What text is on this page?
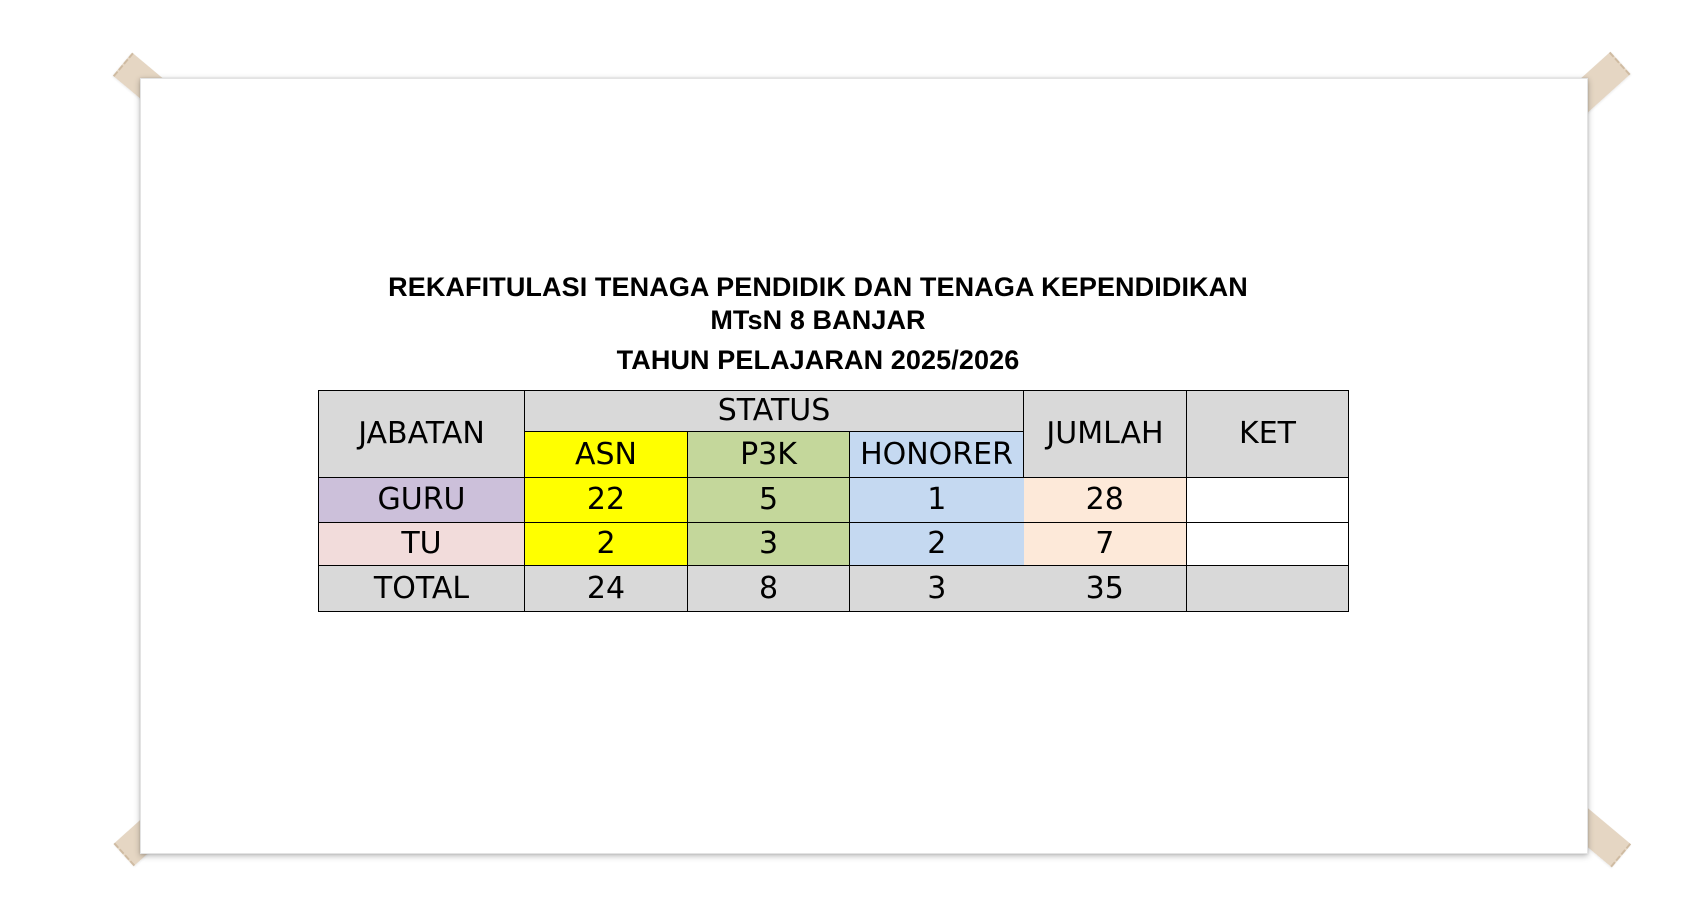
REKAFITULASI TENAGA PENDIDIK DAN TENAGA KEPENDIDIKAN
MTsN 8 BANJAR
TAHUN PELAJARAN 2025/2026
JABATAN	STATUS			JUMLAH	KET
	ASN	P3K	HONORER		
GURU	22	5	1	28	
TU	2	3	2	7	
TOTAL	24	8	3	35	
